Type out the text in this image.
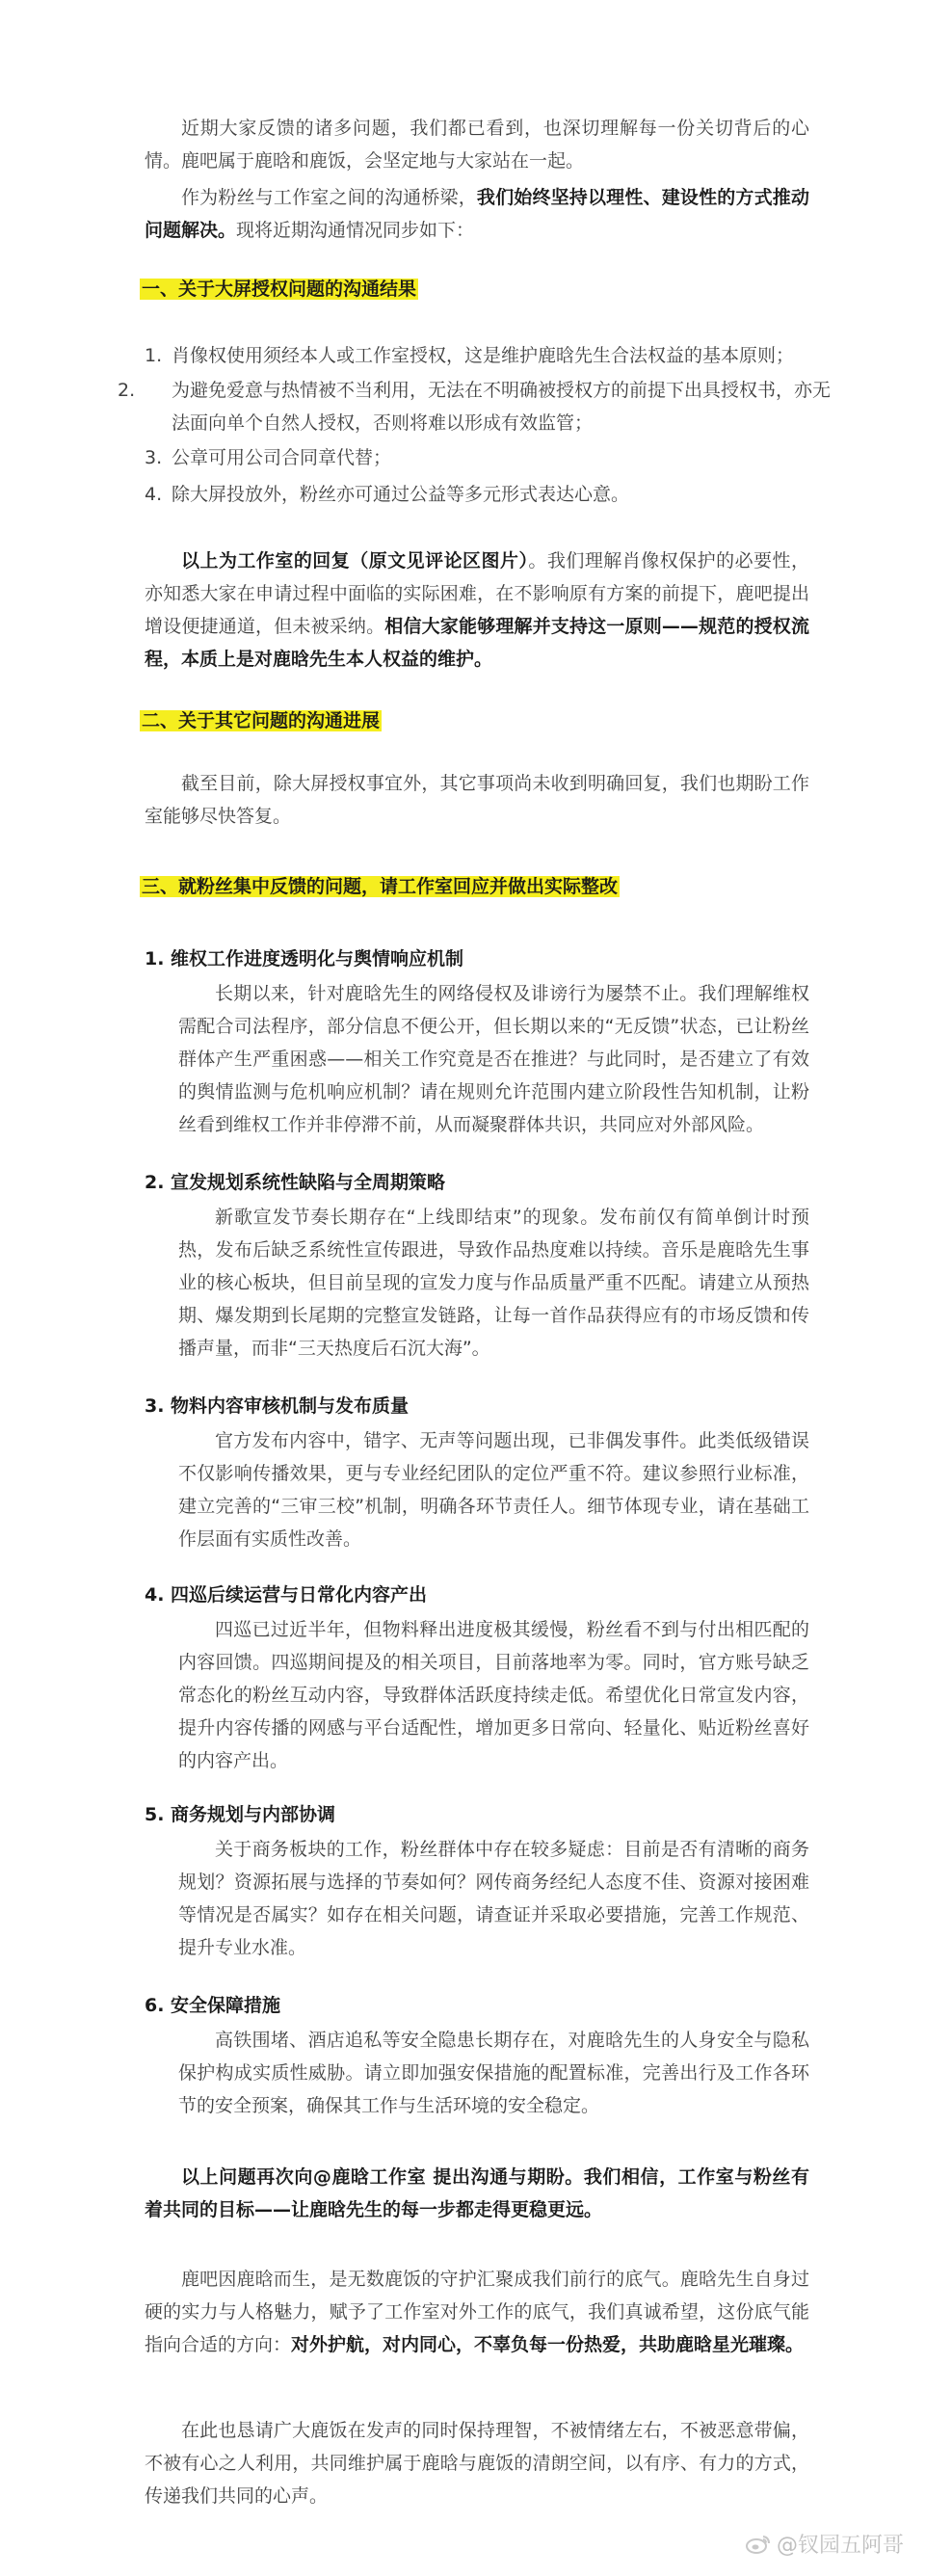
近期大家反馈的诸多问题，我们都已看到，也深切理解每一份关切背后的心情。鹿吧属于鹿晗和鹿饭，会坚定地与大家站在一起。

作为粉丝与工作室之间的沟通桥梁，我们始终坚持以理性、建设性的方式推动问题解决。现将近期沟通情况同步如下：

一、关于大屏授权问题的沟通结果

1. 肖像权使用须经本人或工作室授权，这是维护鹿晗先生合法权益的基本原则；

2. 为避免爱意与热情被不当利用，无法在不明确被授权方的前提下出具授权书，亦无法面向单个自然人授权，否则将难以形成有效监管；

3. 公章可用公司合同章代替；

4. 除大屏投放外，粉丝亦可通过公益等多元形式表达心意。

以上为工作室的回复（原文见评论区图片）。我们理解肖像权保护的必要性，亦知悉大家在申请过程中面临的实际困难，在不影响原有方案的前提下，鹿吧提出增设便捷通道，但未被采纳。相信大家能够理解并支持这一原则——规范的授权流程，本质上是对鹿晗先生本人权益的维护。

二、关于其它问题的沟通进展

截至目前，除大屏授权事宜外，其它事项尚未收到明确回复，我们也期盼工作室能够尽快答复。

三、就粉丝集中反馈的问题，请工作室回应并做出实际整改
1. 维权工作进度透明化与舆情响应机制

长期以来，针对鹿晗先生的网络侵权及诽谤行为屡禁不止。我们理解维权需配合司法程序，部分信息不便公开，但长期以来的“无反馈”状态，已让粉丝群体产生严重困惑——相关工作究竟是否在推进？与此同时，是否建立了有效的舆情监测与危机响应机制？请在规则允许范围内建立阶段性告知机制，让粉丝看到维权工作并非停滞不前，从而凝聚群体共识，共同应对外部风险。

2. 宣发规划系统性缺陷与全周期策略

新歌宣发节奏长期存在“上线即结束”的现象。发布前仅有简单倒计时预热，发布后缺乏系统性宣传跟进，导致作品热度难以持续。音乐是鹿晗先生事业的核心板块，但目前呈现的宣发力度与作品质量严重不匹配。请建立从预热期、爆发期到长尾期的完整宣发链路，让每一首作品获得应有的市场反馈和传播声量，而非“三天热度后石沉大海”。

3. 物料内容审核机制与发布质量

官方发布内容中，错字、无声等问题出现，已非偶发事件。此类低级错误不仅影响传播效果，更与专业经纪团队的定位严重不符。建议参照行业标准，建立完善的“三审三校”机制，明确各环节责任人。细节体现专业，请在基础工作层面有实质性改善。

4. 四巡后续运营与日常化内容产出

四巡已过近半年，但物料释出进度极其缓慢，粉丝看不到与付出相匹配的内容回馈。四巡期间提及的相关项目，目前落地率为零。同时，官方账号缺乏常态化的粉丝互动内容，导致群体活跃度持续走低。希望优化日常宣发内容，提升内容传播的网感与平台适配性，增加更多日常向、轻量化、贴近粉丝喜好的内容产出。

5. 商务规划与内部协调

关于商务板块的工作，粉丝群体中存在较多疑虑：目前是否有清晰的商务规划？资源拓展与选择的节奏如何？网传商务经纪人态度不佳、资源对接困难等情况是否属实？如存在相关问题，请查证并采取必要措施，完善工作规范、提升专业水准。

6. 安全保障措施

高铁围堵、酒店追私等安全隐患长期存在，对鹿晗先生的人身安全与隐私保护构成实质性威胁。请立即加强安保措施的配置标准，完善出行及工作各环节的安全预案，确保其工作与生活环境的安全稳定。

以上问题再次向@鹿晗工作室 提出沟通与期盼。我们相信，工作室与粉丝有着共同的目标——让鹿晗先生的每一步都走得更稳更远。

鹿吧因鹿晗而生，是无数鹿饭的守护汇聚成我们前行的底气。鹿晗先生自身过硬的实力与人格魅力，赋予了工作室对外工作的底气，我们真诚希望，这份底气能指向合适的方向：对外护航，对内同心，不辜负每一份热爱，共助鹿晗星光璀璨。

在此也恳请广大鹿饭在发声的同时保持理智，不被情绪左右，不被恶意带偏，不被有心之人利用，共同维护属于鹿晗与鹿饭的清朗空间，以有序、有力的方式，传递我们共同的心声。

@钗园五阿哥
